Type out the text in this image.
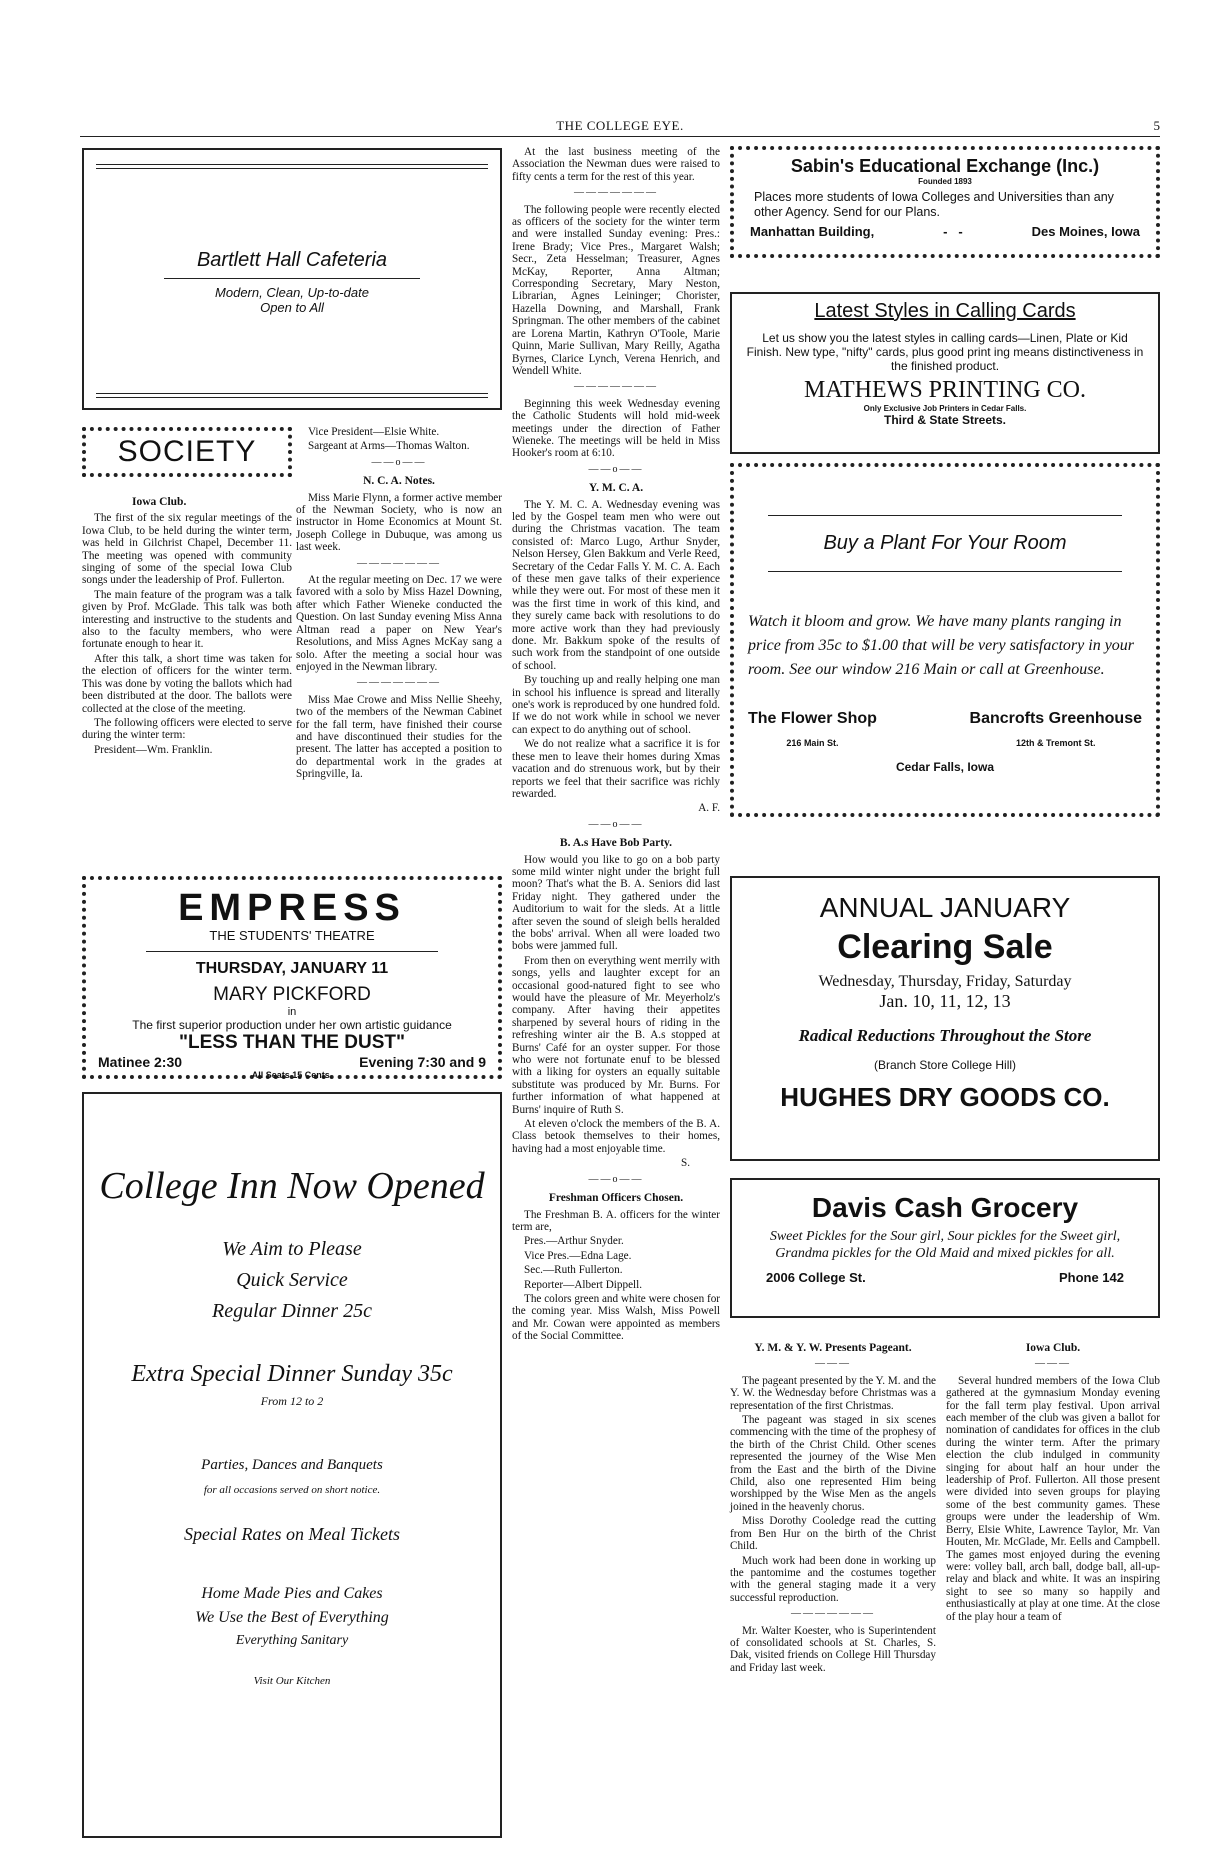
THE COLLEGE EYE.	5
Bartlett Hall Cafeteria
Modern, Clean, Up-to-date
Open to All
SOCIETY
Iowa Club.

The first of the six regular meetings of the Iowa Club, to be held during the winter term, was held in Gilchrist Chapel, December 11. The meeting was opened with community singing of some of the special Iowa Club songs under the leadership of Prof. Fullerton.

The main feature of the program was a talk given by Prof. McGlade. This talk was both interesting and instructive to the students and also to the faculty members, who were fortunate enough to hear it.

After this talk, a short time was taken for the election of officers for the winter term. This was done by voting the ballots which had been distributed at the door. The ballots were collected at the close of the meeting.

The following officers were elected to serve during the winter term:

President—Wm. Franklin.

Vice President—Elsie White.

Sargeant at Arms—Thomas Walton.

——o——
N. C. A. Notes.

Miss Marie Flynn, a former active member of the Newman Society, who is now an instructor in Home Economics at Mount St. Joseph College in Dubuque, was among us last week.

———————

At the regular meeting on Dec. 17 we were favored with a solo by Miss Hazel Downing, after which Father Wieneke conducted the Question. On last Sunday evening Miss Anna Altman read a paper on New Year's Resolutions, and Miss Agnes McKay sang a solo. After the meeting a social hour was enjoyed in the Newman library.

———————

Miss Mae Crowe and Miss Nellie Sheehy, two of the members of the Newman Cabinet for the fall term, have finished their course and have discontinued their studies for the present. The latter has accepted a position to do departmental work in the grades at Springville, Ia.

At the last business meeting of the Association the Newman dues were raised to fifty cents a term for the rest of this year.

———————

The following people were recently elected as officers of the society for the winter term and were installed Sunday evening: Pres.: Irene Brady; Vice Pres., Margaret Walsh; Secr., Zeta Hesselman; Treasurer, Agnes McKay, Reporter, Anna Altman; Corresponding Secretary, Mary Neston, Librarian, Agnes Leininger; Chorister, Hazella Downing, and Marshall, Frank Springman. The other members of the cabinet are Lorena Martin, Kathryn O'Toole, Marie Quinn, Marie Sullivan, Mary Reilly, Agatha Byrnes, Clarice Lynch, Verena Henrich, and Wendell White.

———————

Beginning this week Wednesday evening the Catholic Students will hold mid-week meetings under the direction of Father Wieneke. The meetings will be held in Miss Hooker's room at 6:10.

——o——
Y. M. C. A.

The Y. M. C. A. Wednesday evening was led by the Gospel team men who were out during the Christmas vacation. The team consisted of: Marco Lugo, Arthur Snyder, Nelson Hersey, Glen Bakkum and Verle Reed, Secretary of the Cedar Falls Y. M. C. A. Each of these men gave talks of their experience while they were out. For most of these men it was the first time in work of this kind, and they surely came back with resolutions to do more active work than they had previously done. Mr. Bakkum spoke of the results of such work from the standpoint of one outside of school.

By touching up and really helping one man in school his influence is spread and literally one's work is reproduced by one hundred fold. If we do not work while in school we never can expect to do anything out of school.

We do not realize what a sacrifice it is for these men to leave their homes during Xmas vacation and do strenuous work, but by their reports we feel that their sacrifice was richly rewarded.

A. F.

——o——
B. A.s Have Bob Party.

How would you like to go on a bob party some mild winter night under the bright full moon? That's what the B. A. Seniors did last Friday night. They gathered under the Auditorium to wait for the sleds. At a little after seven the sound of sleigh bells heralded the bobs' arrival. When all were loaded two bobs were jammed full.

From then on everything went merrily with songs, yells and laughter except for an occasional good-natured fight to see who would have the pleasure of Mr. Meyerholz's company. After having their appetites sharpened by several hours of riding in the refreshing winter air the B. A.s stopped at Burns' Café for an oyster supper. For those who were not fortunate enuf to be blessed with a liking for oysters an equally suitable substitute was produced by Mr. Burns. For further information of what happened at Burns' inquire of Ruth S.

At eleven o'clock the members of the B. A. Class betook themselves to their homes, having had a most enjoyable time.

S.

——o——
Freshman Officers Chosen.

The Freshman B. A. officers for the winter term are,

Pres.—Arthur Snyder.

Vice Pres.—Edna Lage.

Sec.—Ruth Fullerton.

Reporter—Albert Dippell.

The colors green and white were chosen for the coming year. Miss Walsh, Miss Powell and Mr. Cowan were appointed as members of the Social Committee.

EMPRESS
THE STUDENTS' THEATRE
THURSDAY, JANUARY 11
MARY PICKFORD
in
The first superior production under her own artistic guidance
"LESS THAN THE DUST"
Matinee 2:30	Evening 7:30 and 9
All Seats 15 Cents.
College Inn Now Opened
We Aim to Please
Quick Service
Regular Dinner 25c
Extra Special Dinner Sunday 35c
From 12 to 2
Parties, Dances and Banquets
for all occasions served on short notice.
Special Rates on Meal Tickets
Home Made Pies and Cakes
We Use the Best of Everything
Everything Sanitary
Visit Our Kitchen
Sabin's Educational Exchange (Inc.)
Founded 1893
Places more students of Iowa Colleges and Universities than any other Agency. Send for our Plans.
Manhattan Building,	-   -	Des Moines, Iowa
Latest Styles in Calling Cards
Let us show you the latest styles in calling cards—Linen, Plate or Kid Finish. New type, "nifty" cards, plus good print ing means distinctiveness in the finished product.
MATHEWS PRINTING CO.
Only Exclusive Job Printers in Cedar Falls.
Third & State Streets.
Buy a Plant For Your Room
Watch it bloom and grow. We have many plants ranging in price from 35c to $1.00 that will be very satisfactory in your room. See our window 216 Main or call at Greenhouse.
The Flower Shop
216 Main St.
Bancrofts Greenhouse
12th & Tremont St.
Cedar Falls, Iowa
ANNUAL JANUARY
Clearing Sale
Wednesday, Thursday, Friday, Saturday
Jan. 10, 11, 12, 13
Radical Reductions Throughout the Store
(Branch Store College Hill)
HUGHES DRY GOODS CO.
Davis Cash Grocery
Sweet Pickles for the Sour girl, Sour pickles for the Sweet girl, Grandma pickles for the Old Maid and mixed pickles for all.
2006 College St.	Phone 142
Y. M. & Y. W. Presents Pageant.
———

The pageant presented by the Y. M. and the Y. W. the Wednesday before Christmas was a representation of the first Christmas.

The pageant was staged in six scenes commencing with the time of the prophesy of the birth of the Christ Child. Other scenes represented the journey of the Wise Men from the East and the birth of the Divine Child, also one represented Him being worshipped by the Wise Men as the angels joined in the heavenly chorus.

Miss Dorothy Cooledge read the cutting from Ben Hur on the birth of the Christ Child.

Much work had been done in working up the pantomime and the costumes together with the general staging made it a very successful reproduction.

———————

Mr. Walter Koester, who is Superintendent of consolidated schools at St. Charles, S. Dak, visited friends on College Hill Thursday and Friday last week.

Iowa Club.
———

Several hundred members of the Iowa Club gathered at the gymnasium Monday evening for the fall term play festival. Upon arrival each member of the club was given a ballot for nomination of candidates for offices in the club during the winter term. After the primary election the club indulged in community singing for about half an hour under the leadership of Prof. Fullerton. All those present were divided into seven groups for playing some of the best community games. These groups were under the leadership of Wm. Berry, Elsie White, Lawrence Taylor, Mr. Van Houten, Mr. McGlade, Mr. Eells and Campbell. The games most enjoyed during the evening were: volley ball, arch ball, dodge ball, all-up-relay and black and white. It was an inspiring sight to see so many so happily and enthusiastically at play at one time. At the close of the play hour a team of
